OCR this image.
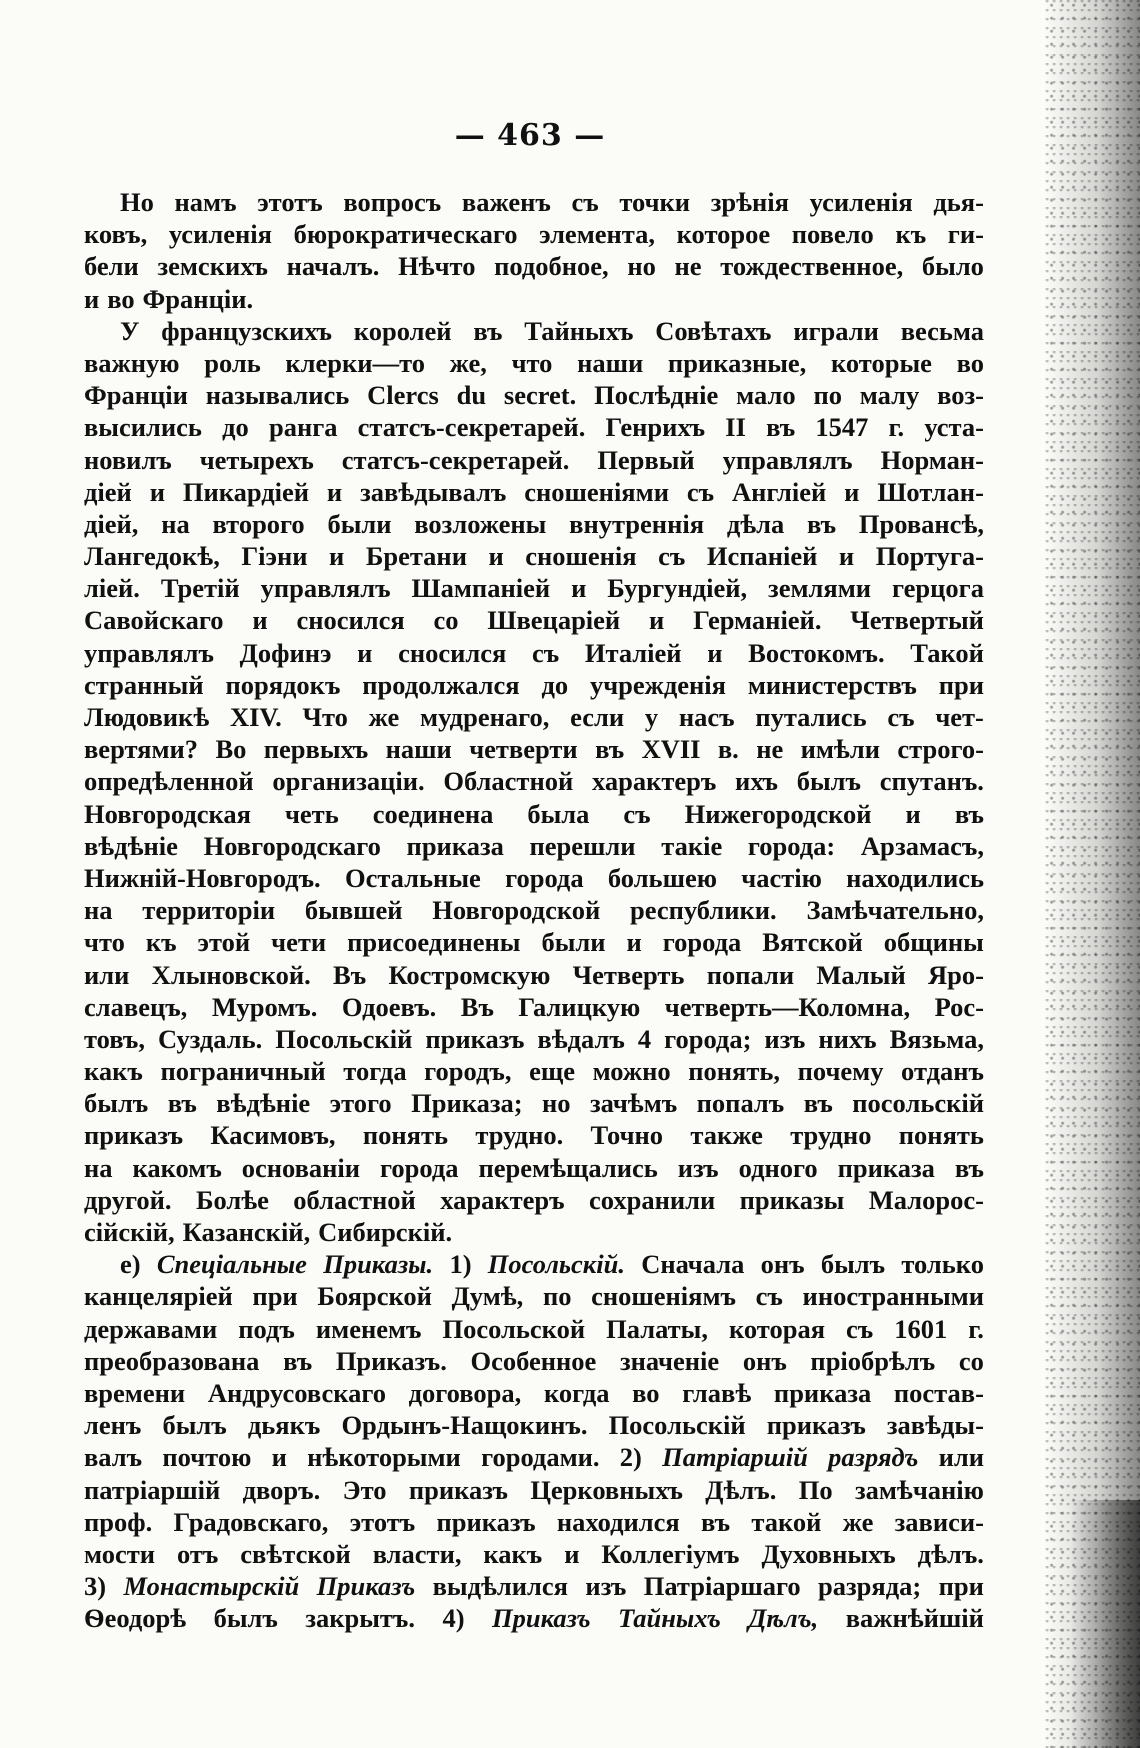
— 463 —
Но намъ этотъ вопросъ важенъ съ точки зрѣнія усиленія дья-
ковъ, усиленія бюрократическаго элемента, которое повело къ ги-
бели земскихъ началъ. Нѣчто подобное, но не тождественное, было
и во Франціи.
У французскихъ королей въ Тайныхъ Совѣтахъ играли весьма
важную роль клерки—то же, что наши приказные, которые во
Франціи назывались Clercs du secret. Послѣдніе мало по малу воз-
высились до ранга статсъ-секретарей. Генрихъ II въ 1547 г. уста-
новилъ четырехъ статсъ-секретарей. Первый управлялъ Норман-
діей и Пикардіей и завѣдывалъ сношеніями съ Англіей и Шотлан-
діей, на второго были возложены внутреннія дѣла въ Провансѣ,
Лангедокѣ, Гіэни и Бретани и сношенія съ Испаніей и Португа-
ліей. Третій управлялъ Шампаніей и Бургундіей, землями герцога
Савойскаго и сносился со Швецаріей и Германіей. Четвертый
управлялъ Дофинэ и сносился съ Италіей и Востокомъ. Такой
странный порядокъ продолжался до учрежденія министерствъ при
Людовикѣ XIV. Что же мудренаго, если у насъ путались съ чет-
вертями? Во первыхъ наши четверти въ XVII в. не имѣли строго-
опредѣленной организаціи. Областной характеръ ихъ былъ спутанъ.
Новгородская четь соединена была съ Нижегородской и въ
вѣдѣніе Новгородскаго приказа перешли такіе города: Арзамасъ,
Нижній-Новгородъ. Остальные города большею частію находились
на территоріи бывшей Новгородской республики. Замѣчательно,
что къ этой чети присоединены были и города Вятской общины
или Хлыновской. Въ Костромскую Четверть попали Малый Яро-
славецъ, Муромъ. Одоевъ. Въ Галицкую четверть—Коломна, Рос-
товъ, Суздаль. Посольскій приказъ вѣдалъ 4 города; изъ нихъ Вязьма,
какъ пограничный тогда городъ, еще можно понять, почему отданъ
былъ въ вѣдѣніе этого Приказа; но зачѣмъ попалъ въ посольскій
приказъ Касимовъ, понять трудно. Точно также трудно понять
на какомъ основаніи города перемѣщались изъ одного приказа въ
другой. Болѣе областной характеръ сохранили приказы Малорос-
сійскій, Казанскій, Сибирскій.
e) Спеціальные Приказы. 1) Посольскій. Сначала онъ былъ только
канцеляріей при Боярской Думѣ, по сношеніямъ съ иностранными
державами подъ именемъ Посольской Палаты, которая съ 1601 г.
преобразована въ Приказъ. Особенное значеніе онъ пріобрѣлъ со
времени Андрусовскаго договора, когда во главѣ приказа постав-
ленъ былъ дьякъ Ордынъ-Нащокинъ. Посольскій приказъ завѣды-
валъ почтою и нѣкоторыми городами. 2) Патріаршій разрядъ или
патріаршій дворъ. Это приказъ Церковныхъ Дѣлъ. По замѣчанію
проф. Градовскаго, этотъ приказъ находился въ такой же зависи-
мости отъ свѣтской власти, какъ и Коллегіумъ Духовныхъ дѣлъ.
3) Монастырскій Приказъ выдѣлился изъ Патріаршаго разряда; при
Ѳеодорѣ былъ закрытъ. 4) Приказъ Тайныхъ Дѣлъ, важнѣйшій
